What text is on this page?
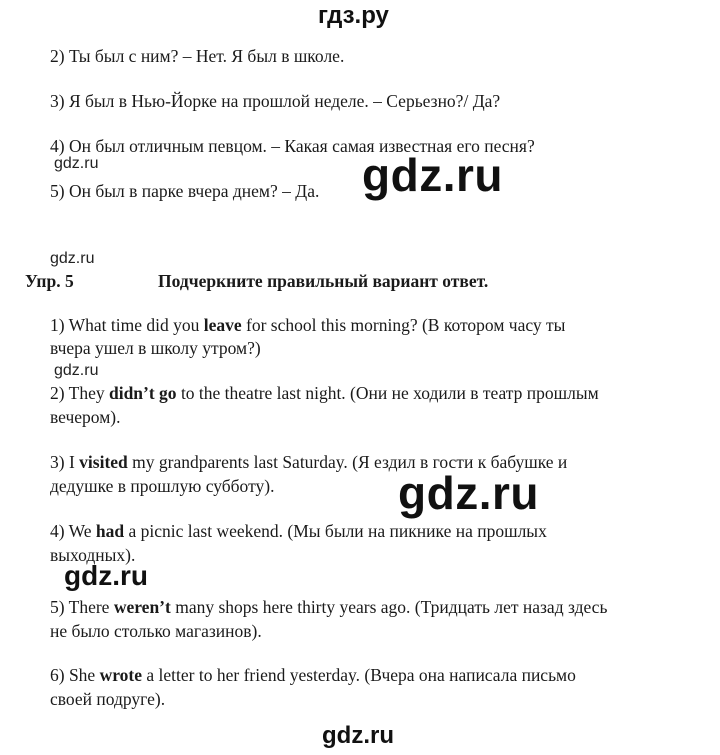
гдз.ру
2) Ты был с ним? – Нет. Я был в школе.
3) Я был в Нью-Йорке на прошлой неделе. – Серьезно?/ Да?
4) Он был отличным певцом. – Какая самая известная его песня?
gdz.ru
5) Он был в парке вчера днем? – Да. gdz.ru
gdz.ru
Упр. 5	Подчеркните правильный вариант ответ.
1) What time did you leave for school this morning? (В котором часу ты
вчера ушел в школу утром?)
gdz.ru
2) They didn’t go to the theatre last night. (Они не ходили в театр прошлым
вечером).
3) I visited my grandparents last Saturday. (Я ездил в гости к бабушке и
дедушке в прошлую субботу).	gdz.ru
4) We had a picnic last weekend. (Мы были на пикнике на прошлых
выходных).
gdz.ru
5) There weren’t many shops here thirty years ago. (Тридцать лет назад здесь
не было столько магазинов).
6) She wrote a letter to her friend yesterday. (Вчера она написала письмо
своей подруге).
gdz.ru
